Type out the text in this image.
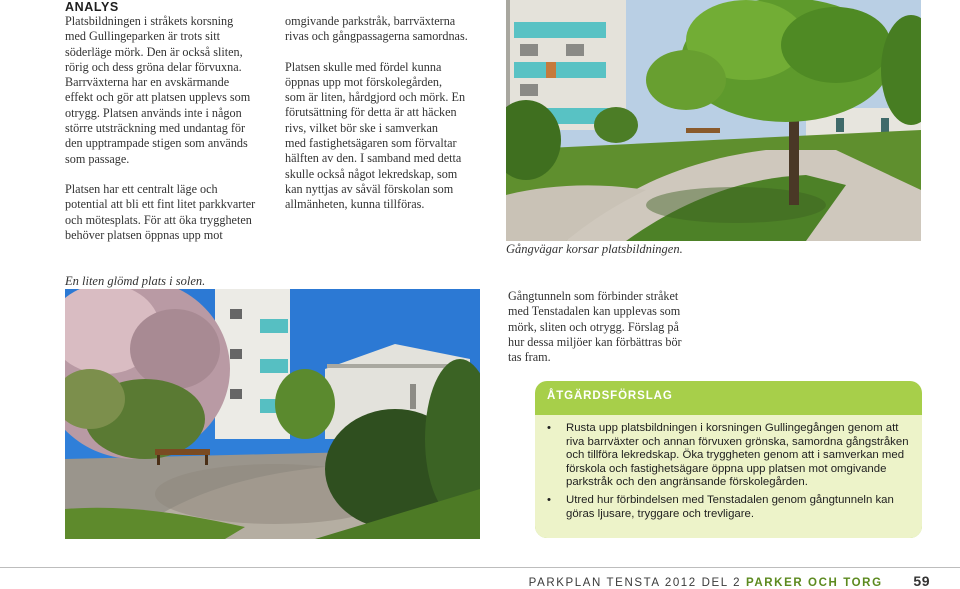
ANALYS

Platsbildningen i stråkets korsning
med Gullingeparken är trots sitt
söderläge mörk. Den är också sliten,
rörig och dess gröna delar förvuxna.
Barrväxterna har en avskärmande
effekt och gör att platsen upplevs som
otrygg. Platsen används inte i någon
större utsträckning med undantag för
den upptrampade stigen som används
som passage.

Platsen har ett centralt läge och
potential att bli ett fint litet parkkvarter
och mötesplats. För att öka tryggheten
behöver platsen öppnas upp mot

omgivande parkstråk, barrväxterna
rivas och gångpassagerna samordnas.

Platsen skulle med fördel kunna
öppnas upp mot förskolegården,
som är liten, hårdgjord och mörk. En
förutsättning för detta är att häcken
rivs, vilket bör ske i samverkan
med fastighetsägaren som förvaltar
hälften av den. I samband med detta
skulle också något lekredskap, som
kan nyttjas av såväl förskolan som
allmänheten, kunna tillföras.

Gångvägar korsar platsbildningen.
Gångtunneln som förbinder stråket
med Tenstadalen kan upplevas som
mörk, sliten och otrygg. Förslag på
hur dessa miljöer kan förbättras bör
tas fram.
En liten glömd plats i solen.
ÅTGÄRDSFÖRSLAG
• Rusta upp platsbildningen i korsningen Gullingegången genom att riva barrväxter och annan förvuxen grönska, samordna gångstråken och tillföra lekredskap. Öka tryggheten genom att i samverkan med förskola och fastighetsägare öppna upp platsen mot omgivande parkstråk och den angränsande förskolegården.
• Utred hur förbindelsen med Tenstadalen genom gångtunneln kan göras ljusare, tryggare och trevligare.
PARKPLAN TENSTA 2012 DEL 2 PARKER OCH TORG 59
